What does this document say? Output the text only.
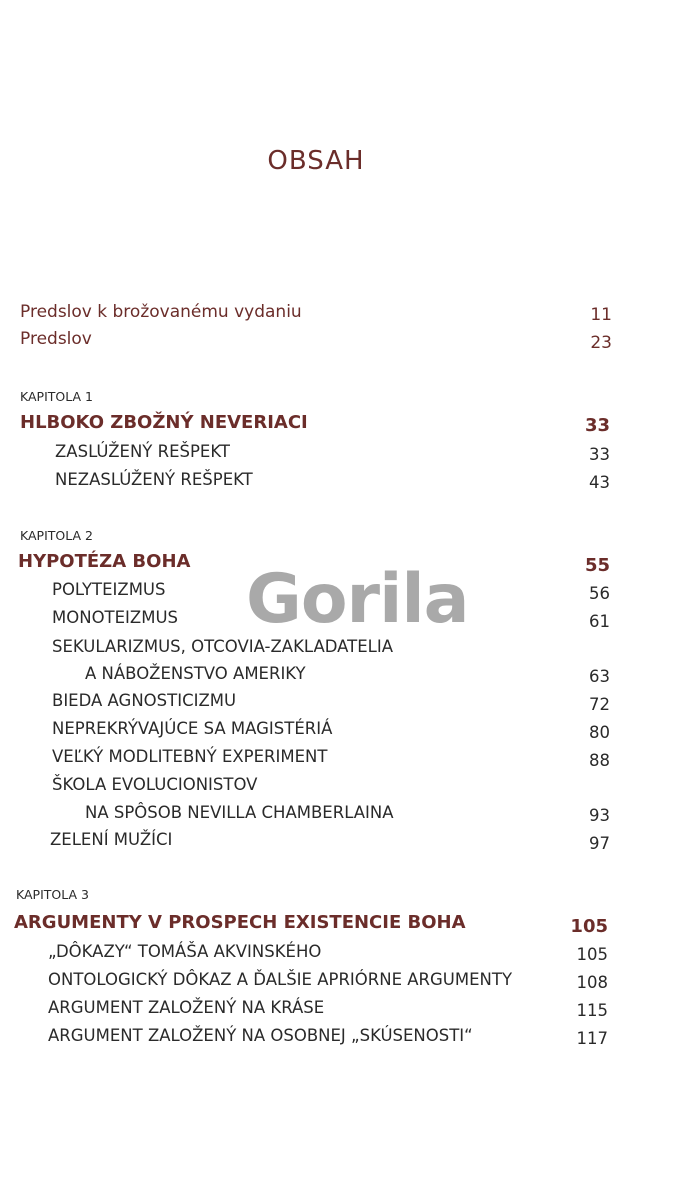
OBSAH
Predslov k brožovanému vydaniu	11
Predslov	23
KAPITOLA 1
HLBOKO ZBOŽNÝ NEVERIACI	33
ZASLÚŽENÝ REŠPEKT	33
NEZASLÚŽENÝ REŠPEKT	43
KAPITOLA 2
HYPOTÉZA BOHA	55
POLYTEIZMUS	56
MONOTEIZMUS	61
SEKULARIZMUS, OTCOVIA-ZAKLADATELIA
A NÁBOŽENSTVO AMERIKY	63
BIEDA AGNOSTICIZMU	72
NEPREKRÝVAJÚCE SA MAGISTÉRIÁ	80
VEĽKÝ MODLITEBNÝ EXPERIMENT	88
ŠKOLA EVOLUCIONISTOV
NA SPÔSOB NEVILLA CHAMBERLAINA	93
ZELENÍ MUŽÍCI	97
KAPITOLA 3
ARGUMENTY V PROSPECH EXISTENCIE BOHA	105
„DÔKAZY“ TOMÁŠA AKVINSKÉHO	105
ONTOLOGICKÝ DÔKAZ A ĎALŠIE APRIÓRNE ARGUMENTY	108
ARGUMENT ZALOŽENÝ NA KRÁSE	115
ARGUMENT ZALOŽENÝ NA OSOBNEJ „SKÚSENOSTI“	117
Gorila
